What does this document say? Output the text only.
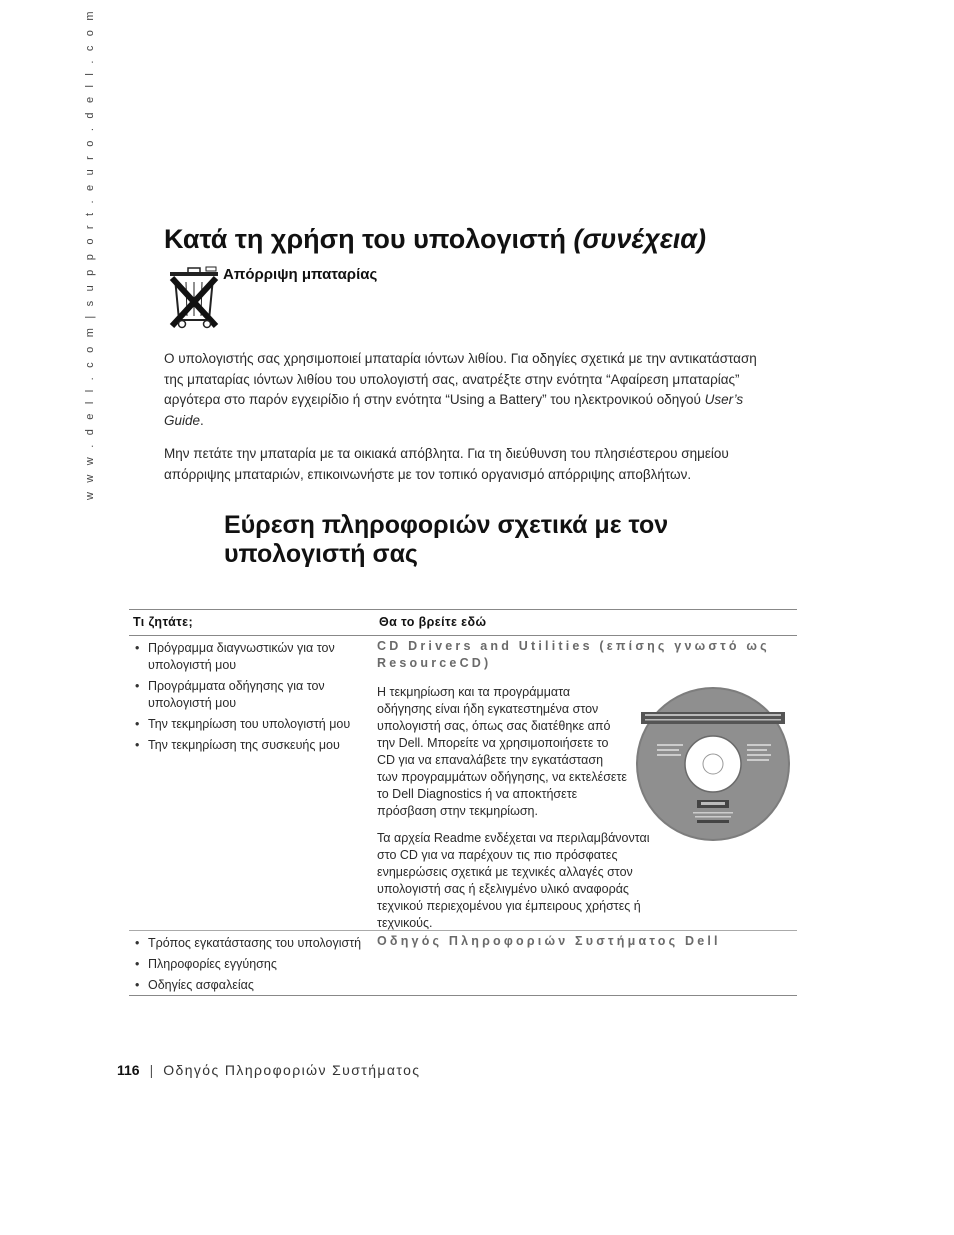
w w w . d e l l . c o m | s u p p o r t . e u r o . d e l l . c o m	Κατά τη χρήση του υπολογιστή (συνέχεια)
Απόρριψη μπαταρίας

Ο υπολογιστής σας χρησιμοποιεί μπαταρία ιόντων λιθίου. Για οδηγίες σχετικά με την αντικατάσταση της μπαταρίας ιόντων λιθίου του υπολογιστή σας, ανατρέξτε στην ενότητα “Αφαίρεση μπαταρίας” αργότερα στο παρόν εγχειρίδιο ή στην ενότητα “Using a Battery” του ηλεκτρονικού οδηγού User’s Guide.

Μην πετάτε την μπαταρία με τα οικιακά απόβλητα. Για τη διεύθυνση του πλησιέστερου σημείου απόρριψης μπαταριών, επικοινωνήστε με τον τοπικό οργανισμό απόρριψης αποβλήτων.

Εύρεση πληροφοριών σχετικά με τον υπολογιστή σας
Τι ζητάτε;	Θα το βρείτε εδώ
• Πρόγραμμα διαγνωστικών για τον υπολογιστή μου
• Προγράμματα οδήγησης για τον υπολογιστή μου
• Την τεκμηρίωση του υπολογιστή μου
• Την τεκμηρίωση της συσκευής μου

CD Drivers and Utilities (επίσης γνωστό ως ResourceCD)

Η τεκμηρίωση και τα προγράμματα οδήγησης είναι ήδη εγκατεστημένα στον υπολογιστή σας, όπως σας διατέθηκε από την Dell. Μπορείτε να χρησιμοποιήσετε το CD για να επαναλάβετε την εγκατάσταση των προγραμμάτων οδήγησης, να εκτελέσετε το Dell Diagnostics ή να αποκτήσετε πρόσβαση στην τεκμηρίωση.

Τα αρχεία Readme ενδέχεται να περιλαμβάνονται στο CD για να παρέχουν τις πιο πρόσφατες ενημερώσεις σχετικά με τεχνικές αλλαγές στον υπολογιστή σας ή εξελιγμένο υλικό αναφοράς τεχνικού περιεχομένου για έμπειρους χρήστες ή τεχνικούς.

• Τρόπος εγκατάστασης του υπολογιστή
• Πληροφορίες εγγύησης
• Οδηγίες ασφαλείας

Οδηγός Πληροφοριών Συστήματος Dell

116 | Οδηγός Πληροφοριών Συστήματος
